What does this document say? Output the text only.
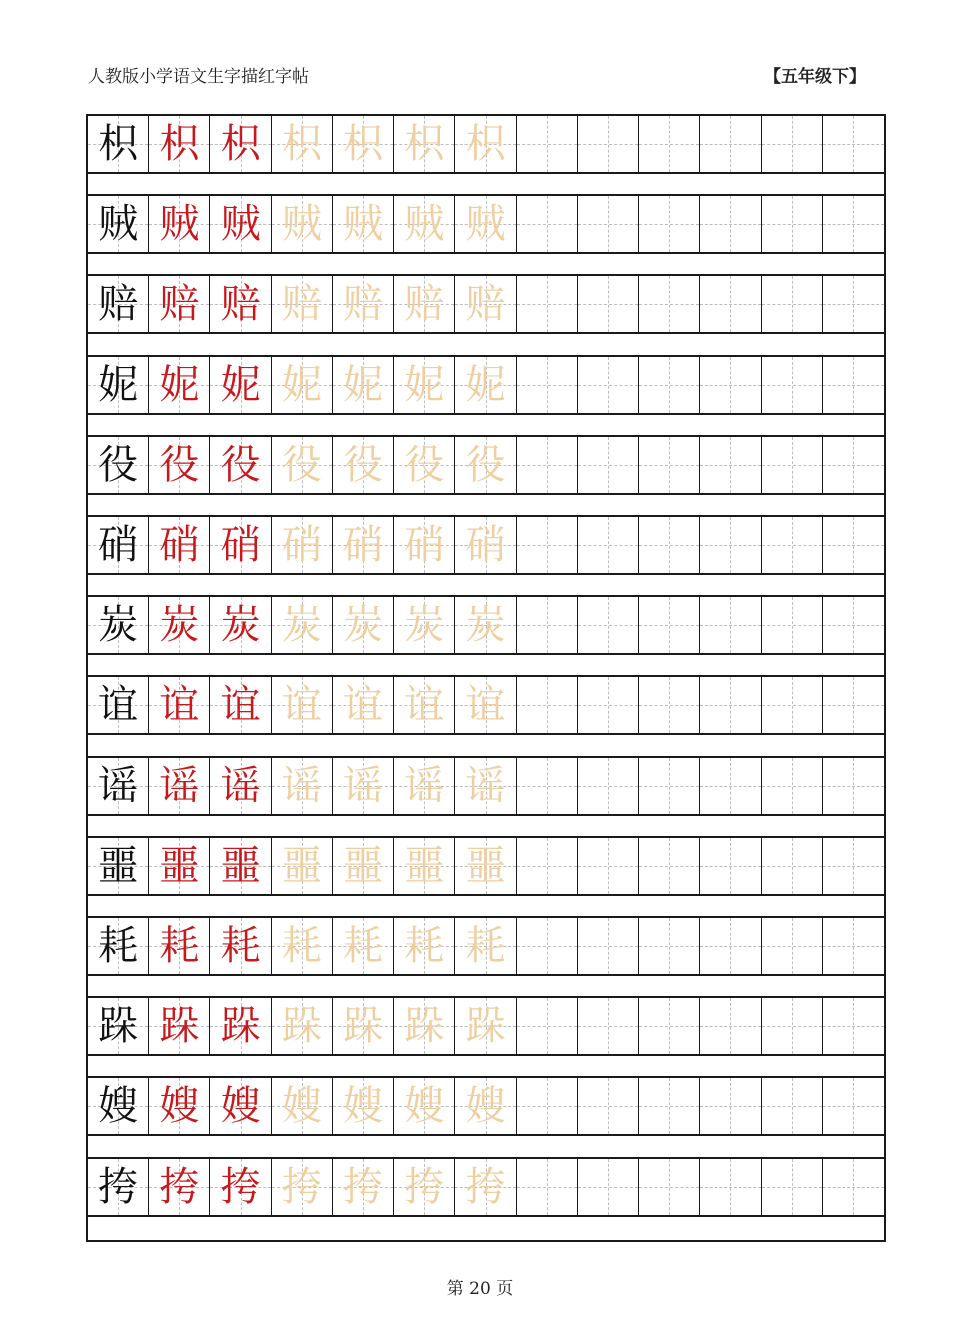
人教版小学语文生字描红字帖	【五年级下】
枳 枳 枳 枳 枳 枳 枳
贼 贼 贼 贼 贼 贼 贼
赔 赔 赔 赔 赔 赔 赔
妮 妮 妮 妮 妮 妮 妮
役 役 役 役 役 役 役
硝 硝 硝 硝 硝 硝 硝
炭 炭 炭 炭 炭 炭 炭
谊 谊 谊 谊 谊 谊 谊
谣 谣 谣 谣 谣 谣 谣
噩 噩 噩 噩 噩 噩 噩
耗 耗 耗 耗 耗 耗 耗
跺 跺 跺 跺 跺 跺 跺
嫂 嫂 嫂 嫂 嫂 嫂 嫂
挎 挎 挎 挎 挎 挎 挎
第 20 页
